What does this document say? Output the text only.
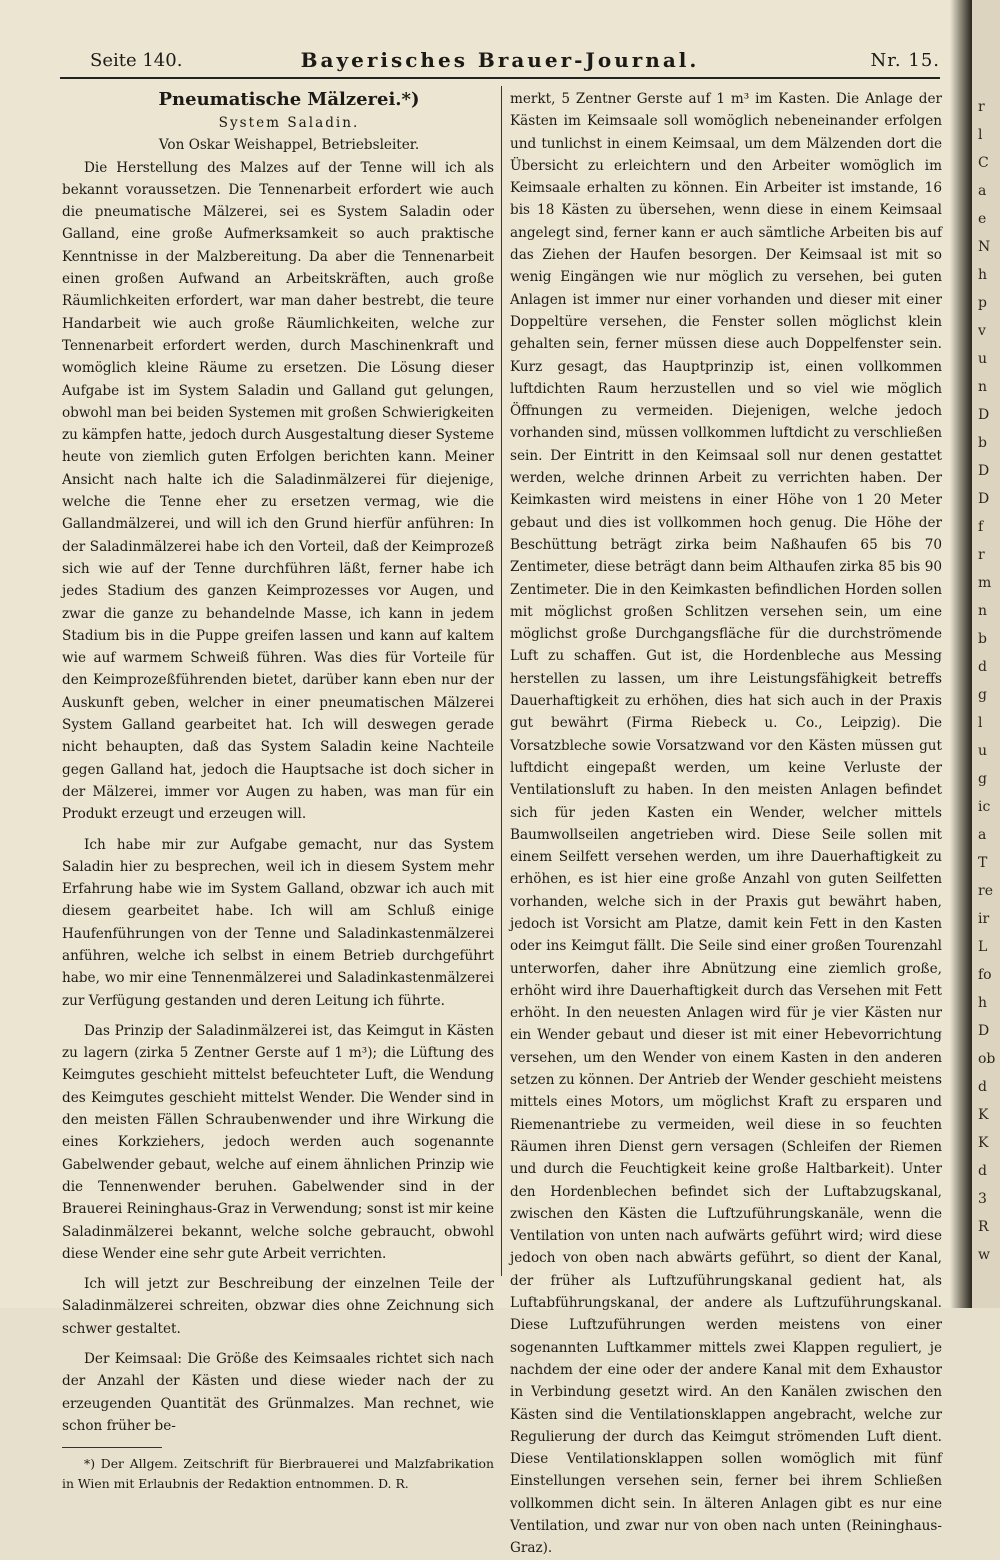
Seite 140.	Bayerisches Brauer-Journal.	Nr. 15.

Pneumatische Mälzerei.*)

System Saladin.

Von Oskar Weishappel, Betriebsleiter.

Die Herstellung des Malzes auf der Tenne will ich als bekannt voraussetzen. Die Tennenarbeit erfordert wie auch die pneumatische Mälzerei, sei es System Saladin oder Galland, eine große Aufmerksamkeit so auch praktische Kenntnisse in der Malzbereitung. Da aber die Tennenarbeit einen großen Aufwand an Arbeitskräften, auch große Räumlichkeiten erfordert, war man daher bestrebt, die teure Handarbeit wie auch große Räumlichkeiten, welche zur Tennenarbeit erfordert werden, durch Maschinenkraft und womöglich kleine Räume zu ersetzen. Die Lösung dieser Aufgabe ist im System Saladin und Galland gut gelungen, obwohl man bei beiden Systemen mit großen Schwierigkeiten zu kämpfen hatte, jedoch durch Ausgestaltung dieser Systeme heute von ziemlich guten Erfolgen berichten kann. Meiner Ansicht nach halte ich die Saladinmälzerei für diejenige, welche die Tenne eher zu ersetzen vermag, wie die Gallandmälzerei, und will ich den Grund hierfür anführen: In der Saladinmälzerei habe ich den Vorteil, daß der Keimprozeß sich wie auf der Tenne durchführen läßt, ferner habe ich jedes Stadium des ganzen Keimprozesses vor Augen, und zwar die ganze zu behandelnde Masse, ich kann in jedem Stadium bis in die Puppe greifen lassen und kann auf kaltem wie auf warmem Schweiß führen. Was dies für Vorteile für den Keimprozeßführenden bietet, darüber kann eben nur der Auskunft geben, welcher in einer pneumatischen Mälzerei System Galland gearbeitet hat. Ich will deswegen gerade nicht behaupten, daß das System Saladin keine Nachteile gegen Galland hat, jedoch die Hauptsache ist doch sicher in der Mälzerei, immer vor Augen zu haben, was man für ein Produkt erzeugt und erzeugen will.

Ich habe mir zur Aufgabe gemacht, nur das System Saladin hier zu besprechen, weil ich in diesem System mehr Erfahrung habe wie im System Galland, obzwar ich auch mit diesem gearbeitet habe. Ich will am Schluß einige Haufenführungen von der Tenne und Saladinkastenmälzerei anführen, welche ich selbst in einem Betrieb durchgeführt habe, wo mir eine Tennenmälzerei und Saladinkastenmälzerei zur Verfügung gestanden und deren Leitung ich führte.

Das Prinzip der Saladinmälzerei ist, das Keimgut in Kästen zu lagern (zirka 5 Zentner Gerste auf 1 m³); die Lüftung des Keimgutes geschieht mittelst befeuchteter Luft, die Wendung des Keimgutes geschieht mittelst Wender. Die Wender sind in den meisten Fällen Schraubenwender und ihre Wirkung die eines Korkziehers, jedoch werden auch sogenannte Gabelwender gebaut, welche auf einem ähnlichen Prinzip wie die Tennenwender beruhen. Gabelwender sind in der Brauerei Reininghaus-Graz in Verwendung; sonst ist mir keine Saladinmälzerei bekannt, welche solche gebraucht, obwohl diese Wender eine sehr gute Arbeit verrichten.

Ich will jetzt zur Beschreibung der einzelnen Teile der Saladinmälzerei schreiten, obzwar dies ohne Zeichnung sich schwer gestaltet.

Der Keimsaal: Die Größe des Keimsaales richtet sich nach der Anzahl der Kästen und diese wieder nach der zu erzeugenden Quantität des Grünmalzes. Man rechnet, wie schon früher be-

*) Der Allgem. Zeitschrift für Bierbrauerei und Malzfabrikation in Wien mit Erlaubnis der Redaktion entnommen. D. R.

merkt, 5 Zentner Gerste auf 1 m³ im Kasten. Die Anlage der Kästen im Keimsaale soll womöglich nebeneinander erfolgen und tunlichst in einem Keimsaal, um dem Mälzenden dort die Übersicht zu erleichtern und den Arbeiter womöglich im Keimsaale erhalten zu können. Ein Arbeiter ist imstande, 16 bis 18 Kästen zu übersehen, wenn diese in einem Keimsaal angelegt sind, ferner kann er auch sämtliche Arbeiten bis auf das Ziehen der Haufen besorgen. Der Keimsaal ist mit so wenig Eingängen wie nur möglich zu versehen, bei guten Anlagen ist immer nur einer vorhanden und dieser mit einer Doppeltüre versehen, die Fenster sollen möglichst klein gehalten sein, ferner müssen diese auch Doppelfenster sein. Kurz gesagt, das Hauptprinzip ist, einen vollkommen luftdichten Raum herzustellen und so viel wie möglich Öffnungen zu vermeiden. Diejenigen, welche jedoch vorhanden sind, müssen vollkommen luftdicht zu verschließen sein. Der Eintritt in den Keimsaal soll nur denen gestattet werden, welche drinnen Arbeit zu verrichten haben. Der Keimkasten wird meistens in einer Höhe von 1 20 Meter gebaut und dies ist vollkommen hoch genug. Die Höhe der Beschüttung beträgt zirka beim Naßhaufen 65 bis 70 Zentimeter, diese beträgt dann beim Althaufen zirka 85 bis 90 Zentimeter. Die in den Keimkasten befindlichen Horden sollen mit möglichst großen Schlitzen versehen sein, um eine möglichst große Durchgangsfläche für die durchströmende Luft zu schaffen. Gut ist, die Hordenbleche aus Messing herstellen zu lassen, um ihre Leistungsfähigkeit betreffs Dauerhaftigkeit zu erhöhen, dies hat sich auch in der Praxis gut bewährt (Firma Riebeck u. Co., Leipzig). Die Vorsatzbleche sowie Vorsatzwand vor den Kästen müssen gut luftdicht eingepaßt werden, um keine Verluste der Ventilationsluft zu haben. In den meisten Anlagen befindet sich für jeden Kasten ein Wender, welcher mittels Baumwollseilen angetrieben wird. Diese Seile sollen mit einem Seilfett versehen werden, um ihre Dauerhaftigkeit zu erhöhen, es ist hier eine große Anzahl von guten Seilfetten vorhanden, welche sich in der Praxis gut bewährt haben, jedoch ist Vorsicht am Platze, damit kein Fett in den Kasten oder ins Keimgut fällt. Die Seile sind einer großen Tourenzahl unterworfen, daher ihre Abnützung eine ziemlich große, erhöht wird ihre Dauerhaftigkeit durch das Versehen mit Fett erhöht. In den neuesten Anlagen wird für je vier Kästen nur ein Wender gebaut und dieser ist mit einer Hebevorrichtung versehen, um den Wender von einem Kasten in den anderen setzen zu können. Der Antrieb der Wender geschieht meistens mittels eines Motors, um möglichst Kraft zu ersparen und Riemenantriebe zu vermeiden, weil diese in so feuchten Räumen ihren Dienst gern versagen (Schleifen der Riemen und durch die Feuchtigkeit keine große Haltbarkeit). Unter den Hordenblechen befindet sich der Luftabzugskanal, zwischen den Kästen die Luftzuführungskanäle, wenn die Ventilation von unten nach aufwärts geführt wird; wird diese jedoch von oben nach abwärts geführt, so dient der Kanal, der früher als Luftzuführungskanal gedient hat, als Luftabführungskanal, der andere als Luftzuführungskanal. Diese Luftzuführungen werden meistens von einer sogenannten Luftkammer mittels zwei Klappen reguliert, je nachdem der eine oder der andere Kanal mit dem Exhaustor in Verbindung gesetzt wird. An den Kanälen zwischen den Kästen sind die Ventilationsklappen angebracht, welche zur Regulierung der durch das Keimgut strömenden Luft dient. Diese Ventilationsklappen sollen womöglich mit fünf Einstellungen versehen sein, ferner bei ihrem Schließen vollkommen dicht sein. In älteren Anlagen gibt es nur eine Ventilation, und zwar nur von oben nach unten (Reininghaus-Graz).

r
l
C
a
e
N
h
p
v
u
n
D
b
D
D
f
r
m
n
b
d
g
l
u
g
ic
a
T
re
ir
L
fo
h
D
ob
d
K
K
d
3
R
w
